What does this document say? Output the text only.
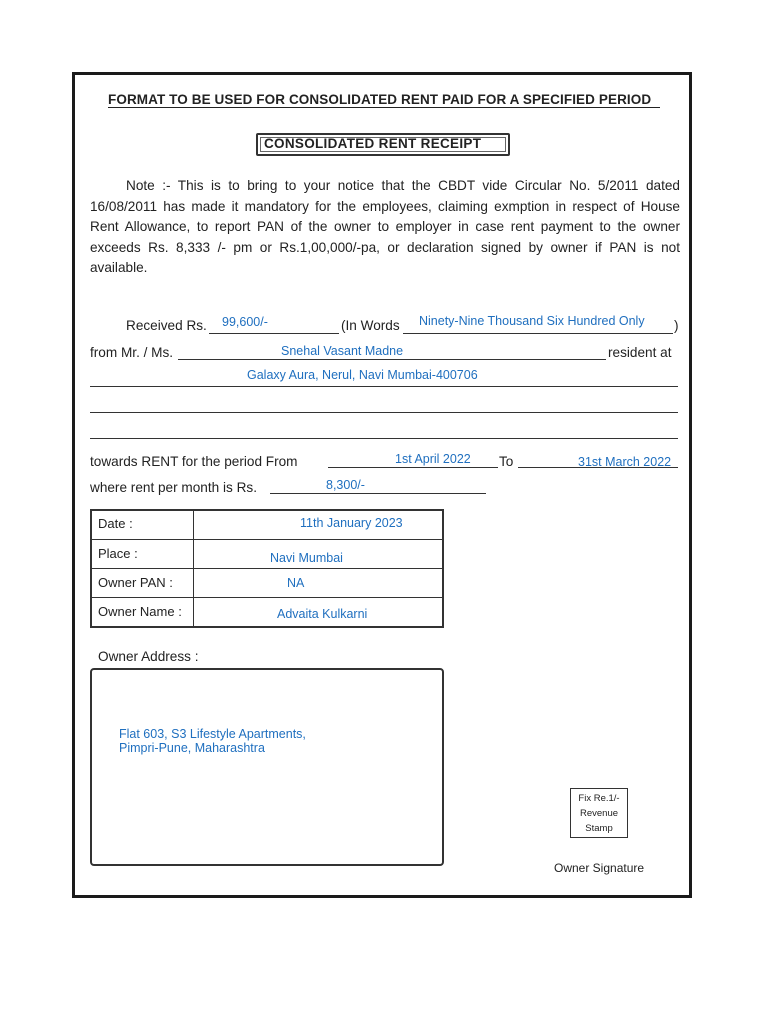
FORMAT TO BE USED FOR CONSOLIDATED RENT PAID FOR A SPECIFIED PERIOD
CONSOLIDATED RENT RECEIPT

Note :- This is to bring to your notice that the CBDT vide Circular No. 5/2011 dated 16/08/2011 has made it mandatory for the employees, claiming exmption in respect of House Rent Allowance, to report PAN of the owner to employer in case rent payment to the owner exceeds Rs. 8,333 /- pm or Rs.1,00,000/-pa, or declaration signed by owner if PAN is not available.

Received Rs. 99,600/-	(In Words Ninety-Nine Thousand Six Hundred Only )
from Mr. / Ms.	Snehal Vasant Madne	resident at
Galaxy Aura, Nerul, Navi Mumbai-400706
towards RENT for the period From	1st April 2022 To	31st March 2022
where rent per month is Rs.	8,300/-
Date :	11th January 2023
Place :	Navi Mumbai
Owner PAN :	NA
Owner Name :	Advaita Kulkarni
Owner Address :
Flat 603, S3 Lifestyle Apartments,
Pimpri-Pune, Maharashtra
Fix Re.1/-
Revenue
Stamp
Owner Signature
